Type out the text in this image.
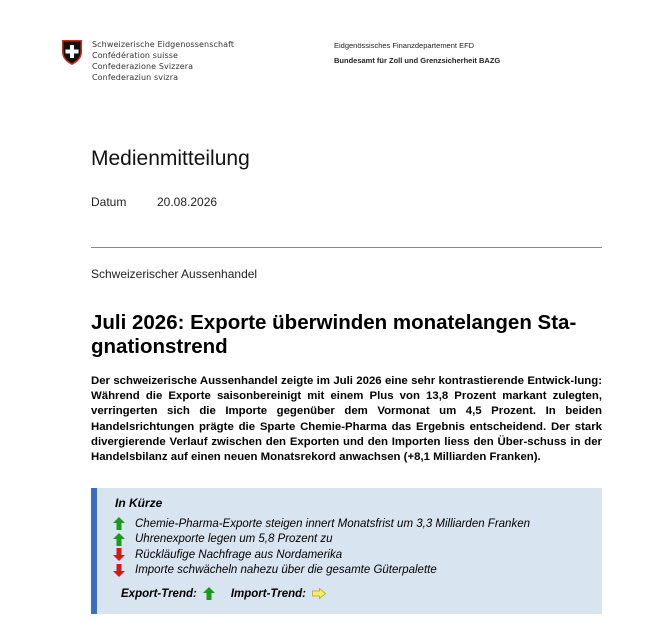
Schweizerische Eidgenossenschaft
Confédération suisse
Confederazione Svizzera
Confederaziun svizra
Eidgenössisches Finanzdepartement EFD
Bundesamt für Zoll und Grenzsicherheit BAZG
Medienmitteilung
Datum	20.08.2026
Schweizerischer Aussenhandel
Juli 2026: Exporte überwinden monatelangen Sta-
gnationstrend
Der schweizerische Aussenhandel zeigte im Juli 2026 eine sehr kontrastierende Entwick-lung: Während die Exporte saisonbereinigt mit einem Plus von 13,8 Prozent markant zulegten, verringerten sich die Importe gegenüber dem Vormonat um 4,5 Prozent. In beiden Handelsrichtungen prägte die Sparte Chemie-Pharma das Ergebnis entscheidend. Der stark divergierende Verlauf zwischen den Exporten und den Importen liess den Über-schuss in der Handelsbilanz auf einen neuen Monatsrekord anwachsen (+8,1 Milliarden Franken).
In Kürze
Chemie-Pharma-Exporte steigen innert Monatsfrist um 3,3 Milliarden Franken
Uhrenexporte legen um 5,8 Prozent zu
Rückläufige Nachfrage aus Nordamerika
Importe schwächeln nahezu über die gesamte Güterpalette
Export-Trend:	Import-Trend:
